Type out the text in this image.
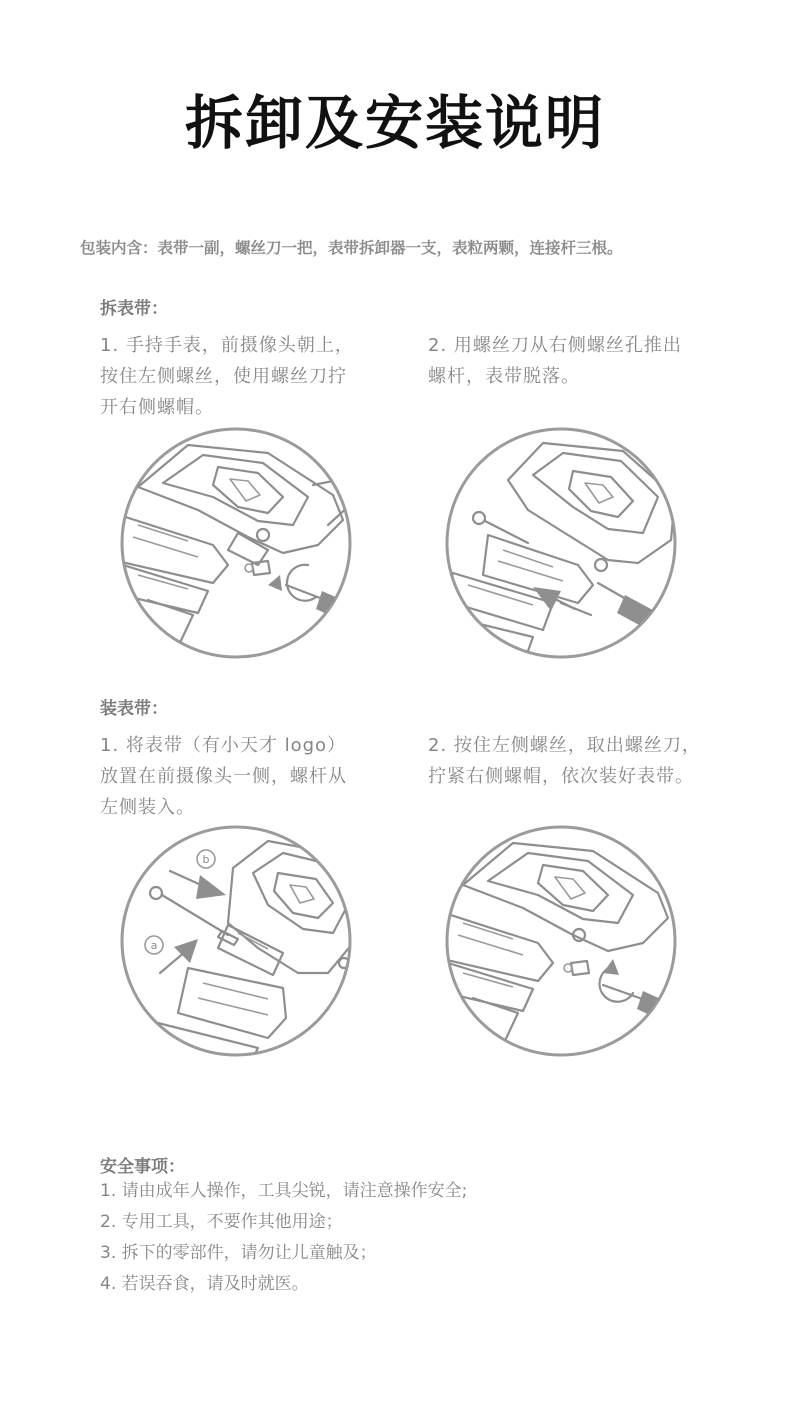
拆卸及安装说明
包装内含：表带一副，螺丝刀一把，表带拆卸器一支，表粒两颗，连接杆三根。
拆表带：
1. 手持手表，前摄像头朝上，
按住左侧螺丝，使用螺丝刀拧
开右侧螺帽。
2. 用螺丝刀从右侧螺丝孔推出
螺杆，表带脱落。
装表带：
1. 将表带（有小天才 logo）
放置在前摄像头一侧，螺杆从
左侧装入。
2. 按住左侧螺丝，取出螺丝刀，
拧紧右侧螺帽，依次装好表带。
b
a
安全事项：
1. 请由成年人操作，工具尖锐，请注意操作安全;
2. 专用工具，不要作其他用途；
3. 拆下的零部件，请勿让儿童触及；
4. 若误吞食，请及时就医。
